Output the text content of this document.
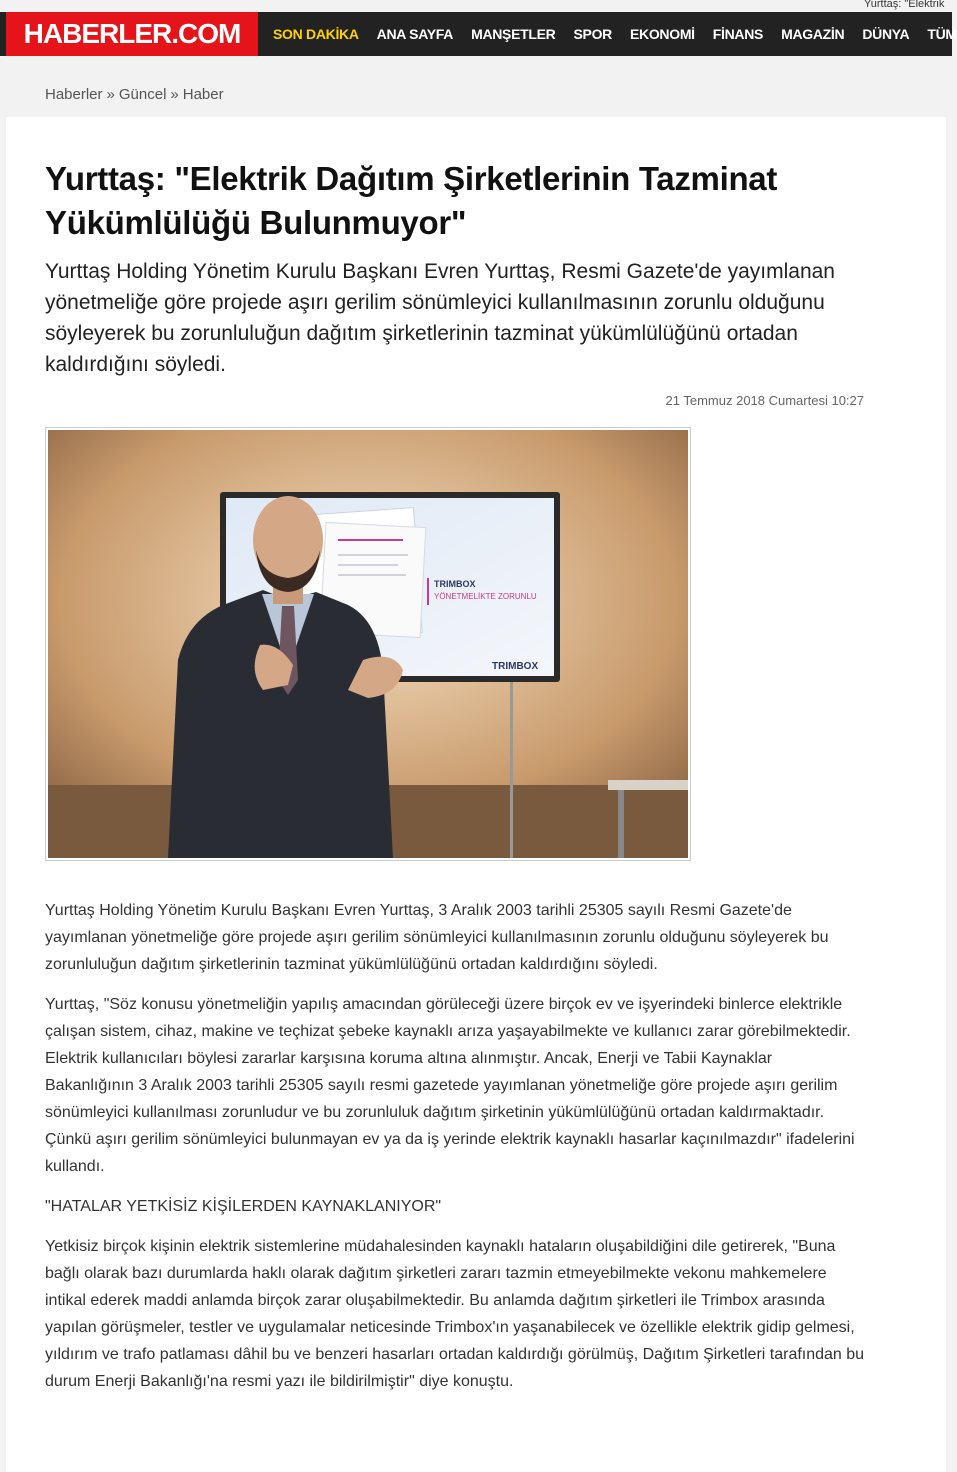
Yurttaş: "Elektrik
HABERLER.COM	SON DAKİKA	ANA SAYFA	MANŞETLER	SPOR	EKONOMİ	FİNANS	MAGAZİN	DÜNYA	TÜM
Haberler » Güncel » Haber
Yurttaş: "Elektrik Dağıtım Şirketlerinin Tazminat Yükümlülüğü Bulunmuyor"
Yurttaş Holding Yönetim Kurulu Başkanı Evren Yurttaş, Resmi Gazete'de yayımlanan yönetmeliğe göre projede aşırı gerilim sönümleyici kullanılmasının zorunlu olduğunu söyleyerek bu zorunluluğun dağıtım şirketlerinin tazminat yükümlülüğünü ortadan kaldırdığını söyledi.
21 Temmuz 2018 Cumartesi 10:27
TRIMBOX
YÖNETMELİKTE ZORUNLU
TRIMBOX

Yurttaş Holding Yönetim Kurulu Başkanı Evren Yurttaş, 3 Aralık 2003 tarihli 25305 sayılı Resmi Gazete'de yayımlanan yönetmeliğe göre projede aşırı gerilim sönümleyici kullanılmasının zorunlu olduğunu söyleyerek bu zorunluluğun dağıtım şirketlerinin tazminat yükümlülüğünü ortadan kaldırdığını söyledi.

Yurttaş, "Söz konusu yönetmeliğin yapılış amacından görüleceği üzere birçok ev ve işyerindeki binlerce elektrikle çalışan sistem, cihaz, makine ve teçhizat şebeke kaynaklı arıza yaşayabilmekte ve kullanıcı zarar görebilmektedir. Elektrik kullanıcıları böylesi zararlar karşısına koruma altına alınmıştır. Ancak, Enerji ve Tabii Kaynaklar Bakanlığının 3 Aralık 2003 tarihli 25305 sayılı resmi gazetede yayımlanan yönetmeliğe göre projede aşırı gerilim sönümleyici kullanılması zorunludur ve bu zorunluluk dağıtım şirketinin yükümlülüğünü ortadan kaldırmaktadır. Çünkü aşırı gerilim sönümleyici bulunmayan ev ya da iş yerinde elektrik kaynaklı hasarlar kaçınılmazdır" ifadelerini kullandı.

"HATALAR YETKİSİZ KİŞİLERDEN KAYNAKLANIYOR"

Yetkisiz birçok kişinin elektrik sistemlerine müdahalesinden kaynaklı hataların oluşabildiğini dile getirerek, "Buna bağlı olarak bazı durumlarda haklı olarak dağıtım şirketleri zararı tazmin etmeyebilmekte vekonu mahkemelere intikal ederek maddi anlamda birçok zarar oluşabilmektedir. Bu anlamda dağıtım şirketleri ile Trimbox arasında yapılan görüşmeler, testler ve uygulamalar neticesinde Trimbox'ın yaşanabilecek ve özellikle elektrik gidip gelmesi, yıldırım ve trafo patlaması dâhil bu ve benzeri hasarları ortadan kaldırdığı görülmüş, Dağıtım Şirketleri tarafından bu durum Enerji Bakanlığı'na resmi yazı ile bildirilmiştir" diye konuştu.
